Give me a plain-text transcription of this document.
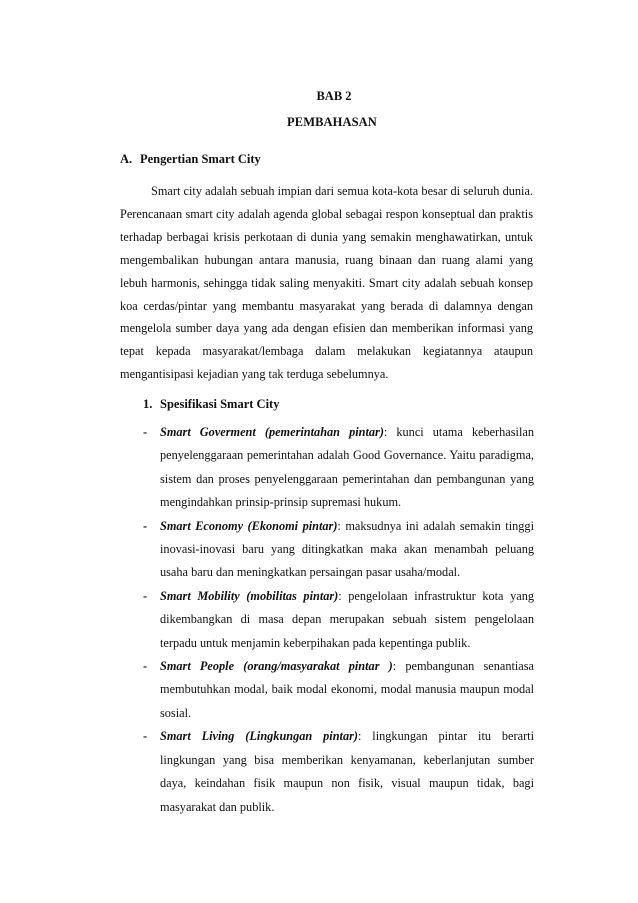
BAB 2
PEMBAHASAN
A. Pengertian Smart City

Smart city adalah sebuah impian dari semua kota-kota besar di seluruh dunia. Perencanaan smart city adalah agenda global sebagai respon konseptual dan praktis terhadap berbagai krisis perkotaan di dunia yang semakin menghawatirkan, untuk mengembalikan hubungan antara manusia, ruang binaan dan ruang alami yang lebuh harmonis, sehingga tidak saling menyakiti. Smart city adalah sebuah konsep koa cerdas/pintar yang membantu masyarakat yang berada di dalamnya dengan mengelola sumber daya yang ada dengan efisien dan memberikan informasi yang tepat kepada masyarakat/lembaga dalam melakukan kegiatannya ataupun mengantisipasi kejadian yang tak terduga sebelumnya.

1. Spesifikasi Smart City
- Smart Goverment (pemerintahan pintar): kunci utama keberhasilan penyelenggaraan pemerintahan adalah Good Governance. Yaitu paradigma, sistem dan proses penyelenggaraan pemerintahan dan pembangunan yang mengindahkan prinsip-prinsip supremasi hukum.
- Smart Economy (Ekonomi pintar): maksudnya ini adalah semakin tinggi inovasi-inovasi baru yang ditingkatkan maka akan menambah peluang usaha baru dan meningkatkan persaingan pasar usaha/modal.
- Smart Mobility (mobilitas pintar): pengelolaan infrastruktur kota yang dikembangkan di masa depan merupakan sebuah sistem pengelolaan terpadu untuk menjamin keberpihakan pada kepentinga publik.
- Smart People (orang/masyarakat pintar ): pembangunan senantiasa membutuhkan modal, baik modal ekonomi, modal manusia maupun modal sosial.
- Smart Living (Lingkungan pintar): lingkungan pintar itu berarti lingkungan yang bisa memberikan kenyamanan, keberlanjutan sumber daya, keindahan fisik maupun non fisik, visual maupun tidak, bagi masyarakat dan publik.
